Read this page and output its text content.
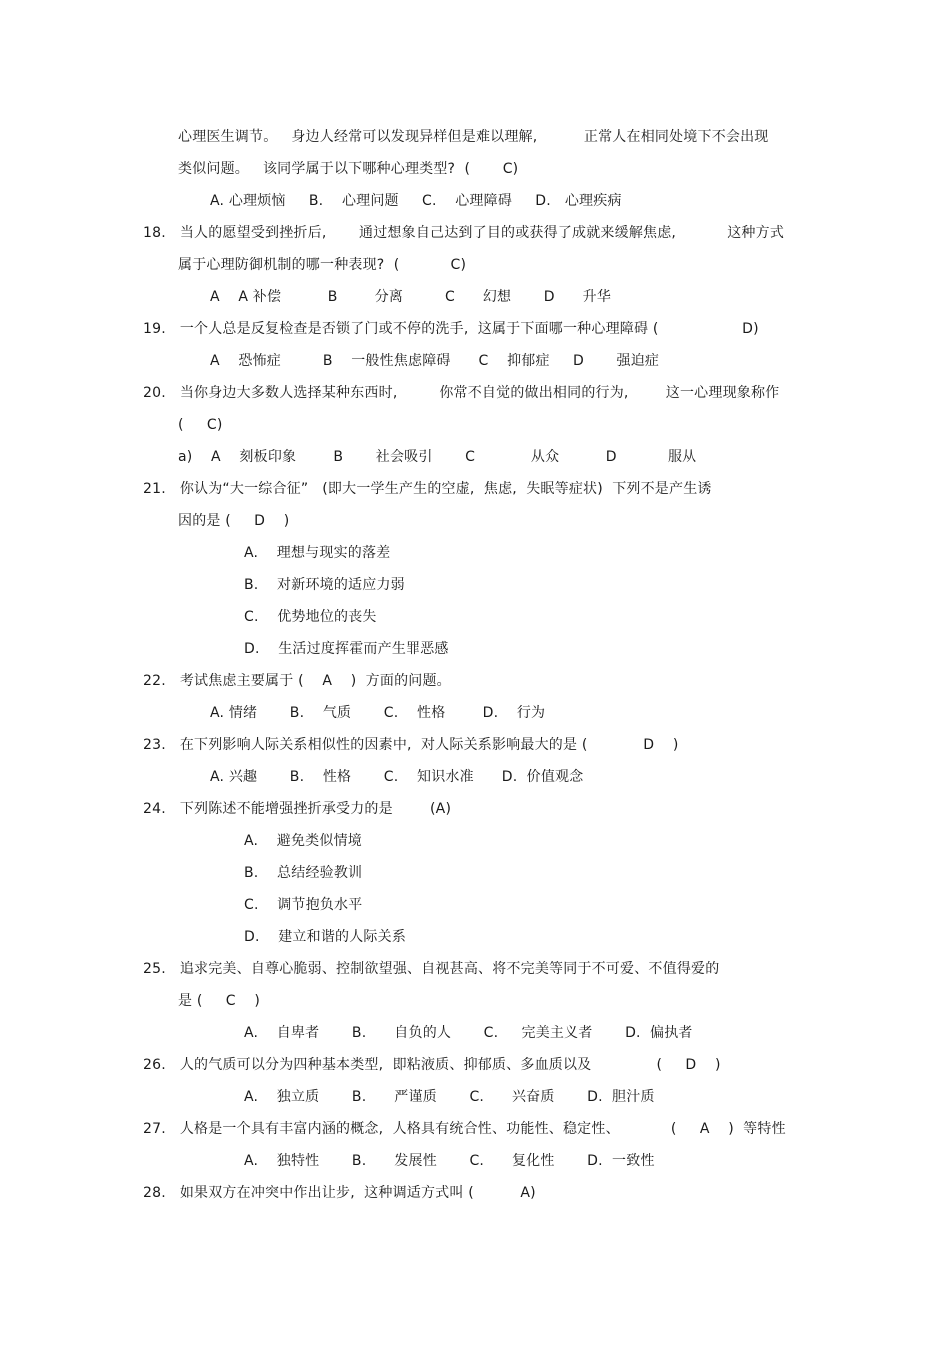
心理医生调节。   身边人经常可以发现异样但是难以理解,          正常人在相同处境下不会出现
类似问题。   该同学属于以下哪种心理类型?  (       C)
A. 心理烦恼     B.    心理问题     C.    心理障碍     D.   心理疾病
18.   当人的愿望受到挫折后,       通过想象自己达到了目的或获得了成就来缓解焦虑,           这种方式
属于心理防御机制的哪一种表现?  (           C)
A    A 补偿          B        分离         C      幻想       D      升华
19.   一个人总是反复检查是否锁了门或不停的洗手,  这属于下面哪一种心理障碍 (                  D)
A    恐怖症         B    一般性焦虑障碍      C    抑郁症     D       强迫症
20.   当你身边大多数人选择某种东西时,         你常不自觉的做出相同的行为,        这一心理现象称作
(     C)
a)    A    刻板印象        B       社会吸引       C            从众          D           服从
21.   你认为“大一综合征”   (即大一学生产生的空虚,  焦虑,  失眠等症状)  下列不是产生诱
因的是 (     D    )
A.    理想与现实的落差
B.    对新环境的适应力弱
C.    优势地位的丧失
D.    生活过度挥霍而产生罪恶感
22.   考试焦虑主要属于 (    A    )  方面的问题。
A. 情绪       B.    气质       C.    性格        D.    行为
23.   在下列影响人际关系相似性的因素中,  对人际关系影响最大的是 (            D    )
A. 兴趣       B.    性格       C.    知识水准      D.  价值观念
24.   下列陈述不能增强挫折承受力的是        (A)
A.    避免类似情境
B.    总结经验教训
C.    调节抱负水平
D.    建立和谐的人际关系
25.   追求完美、自尊心脆弱、控制欲望强、自视甚高、将不完美等同于不可爱、不值得爱的
是 (     C    )
A.    自卑者       B.      自负的人       C.     完美主义者       D.  偏执者
26.   人的气质可以分为四种基本类型,  即粘液质、抑郁质、多血质以及              (     D    )
A.    独立质       B.      严谨质       C.      兴奋质       D.  胆汁质
27.   人格是一个具有丰富内涵的概念,  人格具有统合性、功能性、稳定性、           (     A    )  等特性
A.    独特性       B.      发展性       C.      复化性       D.  一致性
28.   如果双方在冲突中作出让步,  这种调适方式叫 (          A)
